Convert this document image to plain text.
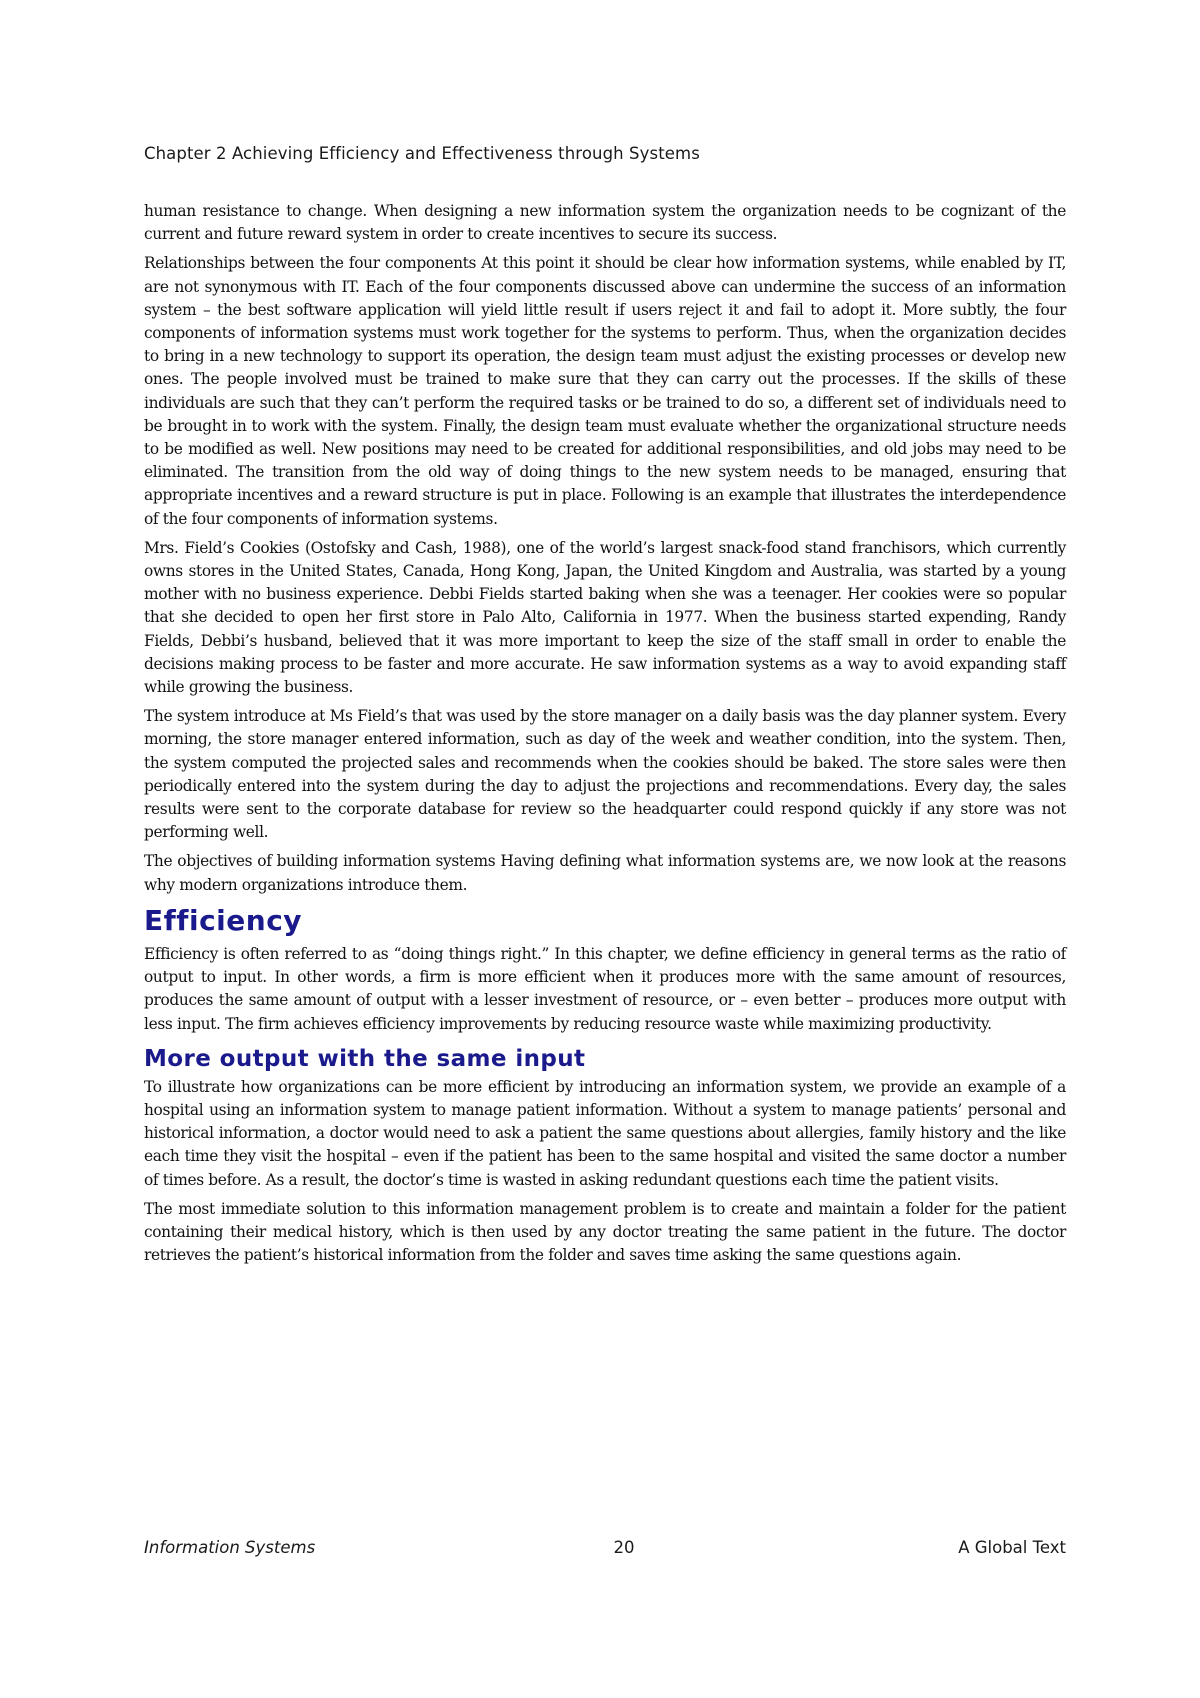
Chapter 2 Achieving Efficiency and Effectiveness through Systems

human resistance to change. When designing a new information system the organization needs to be cognizant of the current and future reward system in order to create incentives to secure its success.

Relationships between the four components At this point it should be clear how information systems, while enabled by IT, are not synonymous with IT. Each of the four components discussed above can undermine the success of an information system – the best software application will yield little result if users reject it and fail to adopt it. More subtly, the four components of information systems must work together for the systems to perform. Thus, when the organization decides to bring in a new technology to support its operation, the design team must adjust the existing processes or develop new ones. The people involved must be trained to make sure that they can carry out the processes. If the skills of these individuals are such that they can’t perform the required tasks or be trained to do so, a different set of individuals need to be brought in to work with the system. Finally, the design team must evaluate whether the organizational structure needs to be modified as well. New positions may need to be created for additional responsibilities, and old jobs may need to be eliminated. The transition from the old way of doing things to the new system needs to be managed, ensuring that appropriate incentives and a reward structure is put in place. Following is an example that illustrates the interdependence of the four components of information systems.

Mrs. Field’s Cookies (Ostofsky and Cash, 1988), one of the world’s largest snack-food stand franchisors, which currently owns stores in the United States, Canada, Hong Kong, Japan, the United Kingdom and Australia, was started by a young mother with no business experience. Debbi Fields started baking when she was a teenager. Her cookies were so popular that she decided to open her first store in Palo Alto, California in 1977. When the business started expending, Randy Fields, Debbi’s husband, believed that it was more important to keep the size of the staff small in order to enable the decisions making process to be faster and more accurate. He saw information systems as a way to avoid expanding staff while growing the business.

The system introduce at Ms Field’s that was used by the store manager on a daily basis was the day planner system. Every morning, the store manager entered information, such as day of the week and weather condition, into the system. Then, the system computed the projected sales and recommends when the cookies should be baked. The store sales were then periodically entered into the system during the day to adjust the projections and recommendations. Every day, the sales results were sent to the corporate database for review so the headquarter could respond quickly if any store was not performing well.

The objectives of building information systems Having defining what information systems are, we now look at the reasons why modern organizations introduce them.

Efficiency

Efficiency is often referred to as “doing things right.” In this chapter, we define efficiency in general terms as the ratio of output to input. In other words, a firm is more efficient when it produces more with the same amount of resources, produces the same amount of output with a lesser investment of resource, or – even better – produces more output with less input. The firm achieves efficiency improvements by reducing resource waste while maximizing productivity.

More output with the same input

To illustrate how organizations can be more efficient by introducing an information system, we provide an example of a hospital using an information system to manage patient information. Without a system to manage patients’ personal and historical information, a doctor would need to ask a patient the same questions about allergies, family history and the like each time they visit the hospital – even if the patient has been to the same hospital and visited the same doctor a number of times before. As a result, the doctor’s time is wasted in asking redundant questions each time the patient visits.

The most immediate solution to this information management problem is to create and maintain a folder for the patient containing their medical history, which is then used by any doctor treating the same patient in the future. The doctor retrieves the patient’s historical information from the folder and saves time asking the same questions again.

Information Systems	20	A Global Text
